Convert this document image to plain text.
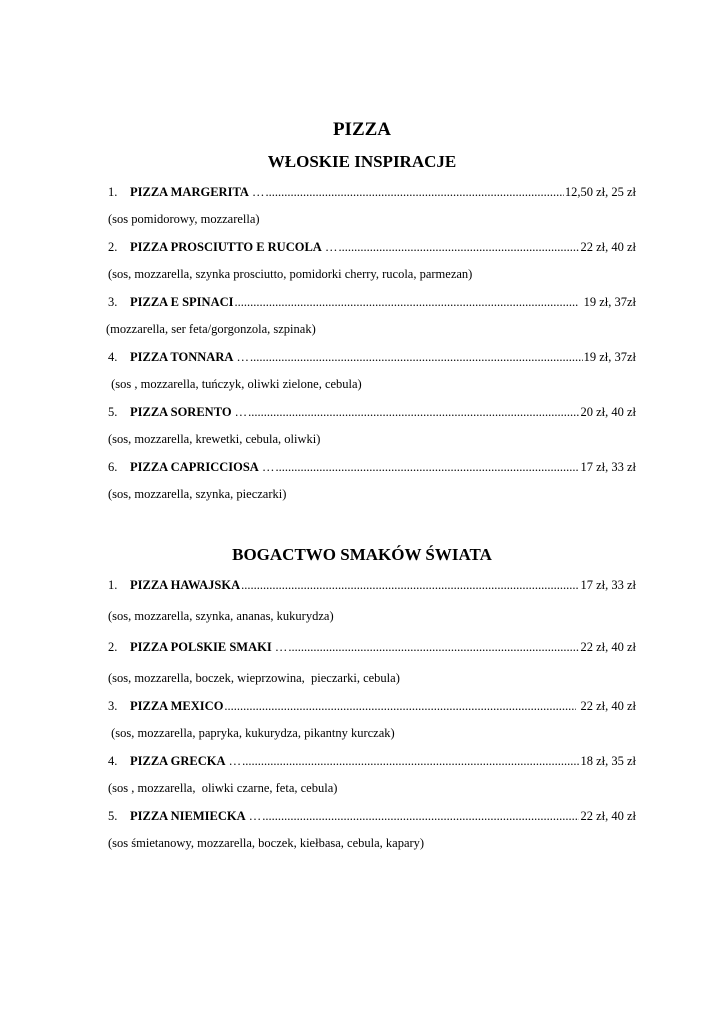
PIZZA
WŁOSKIE INSPIRACJE
1.	PIZZA MARGERITA … .....	12,50 zł, 25 zł
(sos pomidorowy, mozzarella)
2.	PIZZA PROSCIUTTO E RUCOLA … .....	22 zł, 40 zł
(sos, mozzarella, szynka prosciutto, pomidorki cherry, rucola, parmezan)
3.	PIZZA E SPINACI .....	19 zł, 37zł
(mozzarella, ser feta/gorgonzola, szpinak)
4.	PIZZA TONNARA … .....	19 zł, 37zł
(sos , mozzarella, tuńczyk, oliwki zielone, cebula)
5.	PIZZA SORENTO … .....	20 zł, 40 zł
(sos, mozzarella, krewetki, cebula, oliwki)
6.	PIZZA CAPRICCIOSA … .....	17 zł, 33 zł
(sos, mozzarella, szynka, pieczarki)
BOGACTWO SMAKÓW ŚWIATA
1.	PIZZA HAWAJSKA .....	17 zł, 33 zł
(sos, mozzarella, szynka, ananas, kukurydza)
2.	PIZZA POLSKIE SMAKI … .....	22 zł, 40 zł
(sos, mozzarella, boczek, wieprzowina,  pieczarki, cebula)
3.	PIZZA MEXICO .....	22 zł, 40 zł
(sos, mozzarella, papryka, kukurydza, pikantny kurczak)
4.	PIZZA GRECKA … .....	18 zł, 35 zł
(sos , mozzarella,  oliwki czarne, feta, cebula)
5.	PIZZA NIEMIECKA … .....	22 zł, 40 zł
(sos śmietanowy, mozzarella, boczek, kiełbasa, cebula, kapary)
